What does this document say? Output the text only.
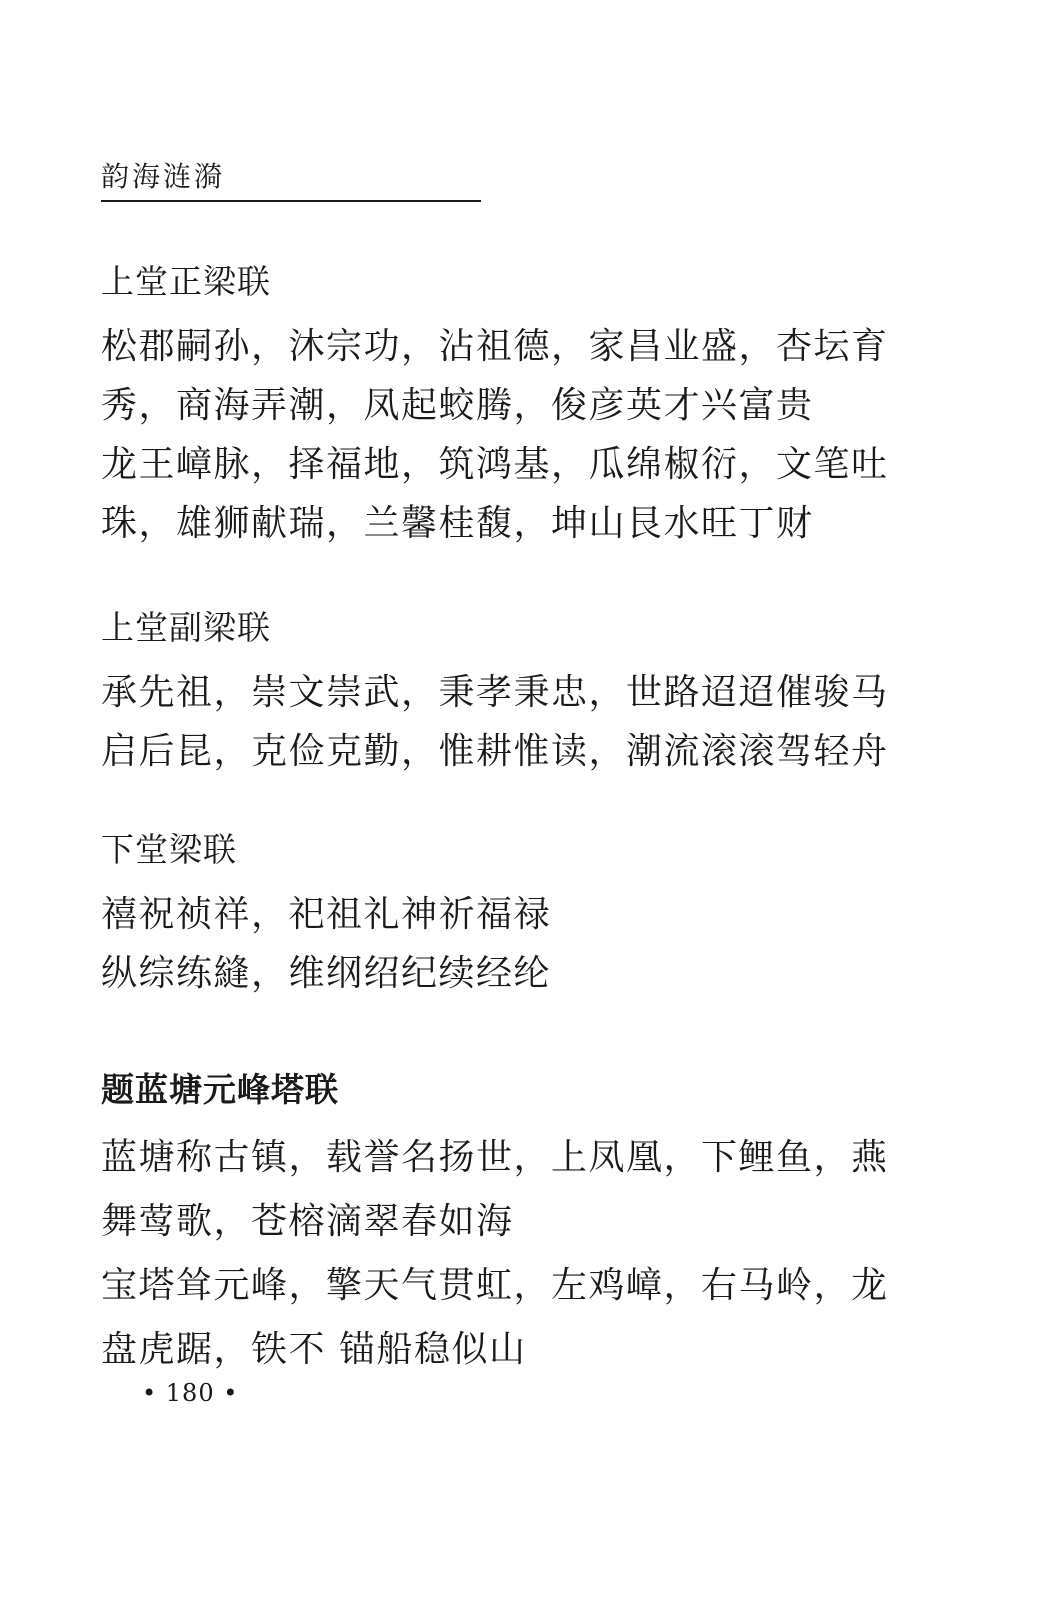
韵海涟漪
上堂正梁联
松郡嗣孙，沐宗功，沾祖德，家昌业盛，杏坛育
秀，商海弄潮，凤起蛟腾，俊彦英才兴富贵
龙王嶂脉，择福地，筑鸿基，瓜绵椒衍，文笔吐
珠，雄狮献瑞，兰馨桂馥，坤山艮水旺丁财
上堂副梁联
承先祖，崇文崇武，秉孝秉忠，世路迢迢催骏马
启后昆，克俭克勤，惟耕惟读，潮流滚滚驾轻舟
下堂梁联
禧祝祯祥，祀祖礼神祈福禄
纵综练縫，维纲绍纪续经纶
题蓝塘元峰塔联
蓝塘称古镇，载誉名扬世，上凤凰，下鲤鱼，燕
舞莺歌，苍榕滴翠春如海
宝塔耸元峰，擎天气贯虹，左鸡嶂，右马岭，龙
盘虎踞，铁不 锚船稳似山
• 180 •
